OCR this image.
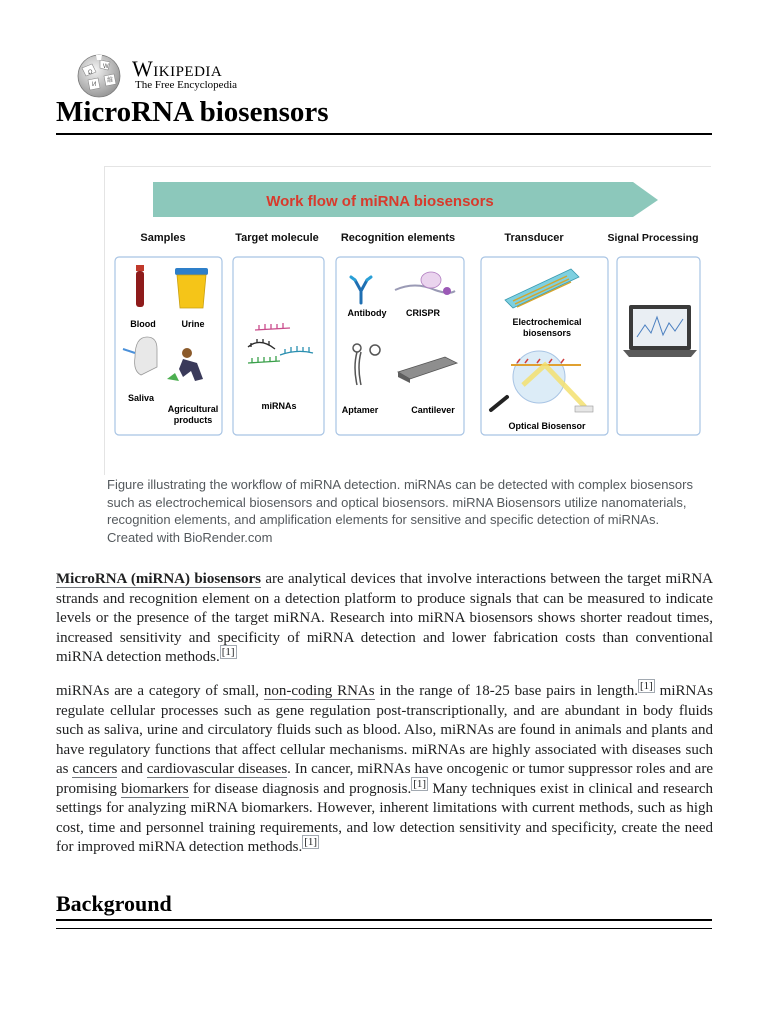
Ω
W
И
維 Wikipedia
The Free Encyclopedia
MicroRNA biosensors
Work flow of miRNA biosensors
Samples	Target molecule Recognition elements	Transducer	Signal Processing
Blood	Urine
Saliva
Agricultural
products
miRNAs
Antibody CRISPR
Aptamer	Cantilever
Electrochemical
biosensors
Optical Biosensor
Figure illustrating the workflow of miRNA detection. miRNAs can be detected with complex biosensors such as electrochemical biosensors and optical biosensors. miRNA Biosensors utilize nanomaterials, recognition elements, and amplification elements for sensitive and specific detection of miRNAs. Created with BioRender.com

MicroRNA (miRNA) biosensors are analytical devices that involve interactions between the target miRNA strands and recognition element on a detection platform to produce signals that can be measured to indicate levels or the presence of the target miRNA. Research into miRNA biosensors shows shorter readout times, increased sensitivity and specificity of miRNA detection and lower fabrication costs than conventional miRNA detection methods. [1]

miRNAs are a category of small, non-coding RNAs in the range of 18-25 base pairs in length. [1] miRNAs regulate cellular processes such as gene regulation post-transcriptionally, and are abundant in body fluids such as saliva, urine and circulatory fluids such as blood. Also, miRNAs are found in animals and plants and have regulatory functions that affect cellular mechanisms. miRNAs are highly associated with diseases such as cancers and cardiovascular diseases. In cancer, miRNAs have oncogenic or tumor suppressor roles and are promising biomarkers for disease diagnosis and prognosis. [1] Many techniques exist in clinical and research settings for analyzing miRNA biomarkers. However, inherent limitations with current methods, such as high cost, time and personnel training requirements, and low detection sensitivity and specificity, create the need for improved miRNA detection methods. [1]

Background
